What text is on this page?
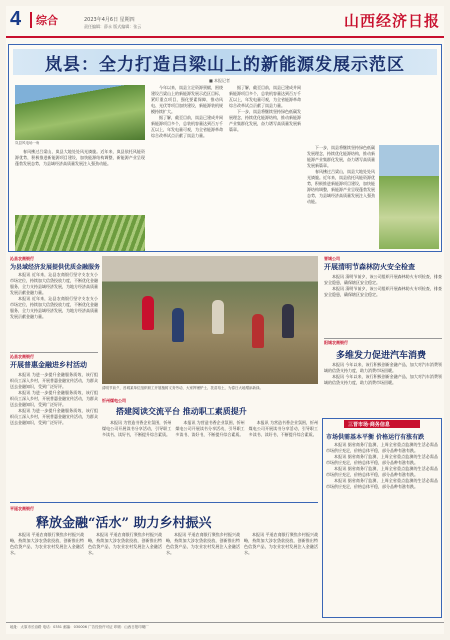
4	综合	2023年4月6日 星期四
责任编辑：薛永 版式编辑：张云	山西经济日报
岚县：全力打造吕梁山上的新能源发展示范区
■ 本报记者
岚县风电场一角

春风拂过吕梁山，岚县大地处处风光旖旎。近年来，岚县依托风能资源优势，积极推进新能源项目建设，加快能源结构调整，新能源产业呈现蓬勃发展态势，为县域经济高质量发展注入强劲动能。

今年以来，岚县立足资源禀赋，围绕建设吕梁山上的新能源发展示范区目标，紧盯重点项目，强化要素保障，推动风电、光伏等项目加快建设，新能源装机规模持续扩大。

据了解，截至目前，岚县已建成并网新能源项目多个，总装机容量达到百万千瓦以上，年发电量可观，为全省能源革命综合改革试点贡献了岚县力量。

据了解，截至目前，岚县已建成并网新能源项目多个，总装机容量达到百万千瓦以上，年发电量可观，为全省能源革命综合改革试点贡献了岚县力量。

下一步，岚县将继续坚持绿色低碳发展理念，持续优化能源结构，推动新能源产业集群化发展，奋力谱写高质量发展新篇章。

下一步，岚县将继续坚持绿色低碳发展理念，持续优化能源结构，推动新能源产业集群化发展，奋力谱写高质量发展新篇章。

春风拂过吕梁山，岚县大地处处风光旖旎。近年来，岚县依托风能资源优势，积极推进新能源项目建设，加快能源结构调整，新能源产业呈现蓬勃发展态势，为县域经济高质量发展注入强劲动能。

沁县农商银行
为县域经济发展提供优质金融服务

本报讯 近年来，沁县农商银行坚守支农支小市场定位，持续加大信贷投放力度，不断优化金融服务，全力支持县域经济发展，为地方经济高质量发展贡献金融力量。

本报讯 近年来，沁县农商银行坚守支农支小市场定位，持续加大信贷投放力度，不断优化金融服务，全力支持县域经济发展，为地方经济高质量发展贡献金融力量。

沁县农商银行
开展普惠金融进乡村活动

本报讯 为进一步提升金融服务质效，该行组织员工深入乡村，开展普惠金融宣传活动，为群众送去金融知识，受到广泛好评。

本报讯 为进一步提升金融服务质效，该行组织员工深入乡村，开展普惠金融宣传活动，为群众送去金融知识，受到广泛好评。

本报讯 为进一步提升金融服务质效，该行组织员工深入乡村，开展普惠金融宣传活动，为群众送去金融知识，受到广泛好评。

清明节前夕，晋城某单位组织职工开展植树义务劳动，大家挥锹铲土、扶苗培土，为春日大地增添新绿。
晋城公司
开展清明节森林防火安全检查

本报讯 清明节前夕，该公司组织开展森林防火专项检查，排查安全隐患，确保辖区安全稳定。

本报讯 清明节前夕，该公司组织开展森林防火专项检查，排查安全隐患，确保辖区安全稳定。

阳城农商银行
多维发力促进汽车消费

本报讯 今年以来，该行积极创新金融产品，加大对汽车消费领域的信贷支持力度，助力消费市场回暖。

本报讯 今年以来，该行积极创新金融产品，加大对汽车消费领域的信贷支持力度，助力消费市场回暖。

忻州煤电公司
搭建阅读交流平台 推动职工素质提升

本报讯 为营造书香企业氛围，忻州煤电公司开展读书分享活动，引导职工多读书、读好书，不断提升综合素质。

本报讯 为营造书香企业氛围，忻州煤电公司开展读书分享活动，引导职工多读书、读好书，不断提升综合素质。

本报讯 为营造书香企业氛围，忻州煤电公司开展读书分享活动，引导职工多读书、读好书，不断提升综合素质。

三晋市场·商务信息
市场供需基本平衡 价格运行有涨有跌

本报讯 据省商务厅监测，上周全省重点监测的生活必需品市场供应充足，价格总体平稳，部分品种有涨有跌。

本报讯 据省商务厅监测，上周全省重点监测的生活必需品市场供应充足，价格总体平稳，部分品种有涨有跌。

本报讯 据省商务厅监测，上周全省重点监测的生活必需品市场供应充足，价格总体平稳，部分品种有涨有跌。

本报讯 据省商务厅监测，上周全省重点监测的生活必需品市场供应充足，价格总体平稳，部分品种有涨有跌。

平遥农商银行
释放金融“活水” 助力乡村振兴

本报讯 平遥农商银行聚焦乡村振兴战略，持续加大涉农贷款投放，创新推出特色信贷产品，为农业农村发展注入金融活水。

本报讯 平遥农商银行聚焦乡村振兴战略，持续加大涉农贷款投放，创新推出特色信贷产品，为农业农村发展注入金融活水。

本报讯 平遥农商银行聚焦乡村振兴战略，持续加大涉农贷款投放，创新推出特色信贷产品，为农业农村发展注入金融活水。

本报讯 平遥农商银行聚焦乡村振兴战略，持续加大涉农贷款投放，创新推出特色信贷产品，为农业农村发展注入金融活水。

地址：太原市长治路 电话：0351 邮编：030006 广告经营许可证 印刷：山西日报印刷厂
